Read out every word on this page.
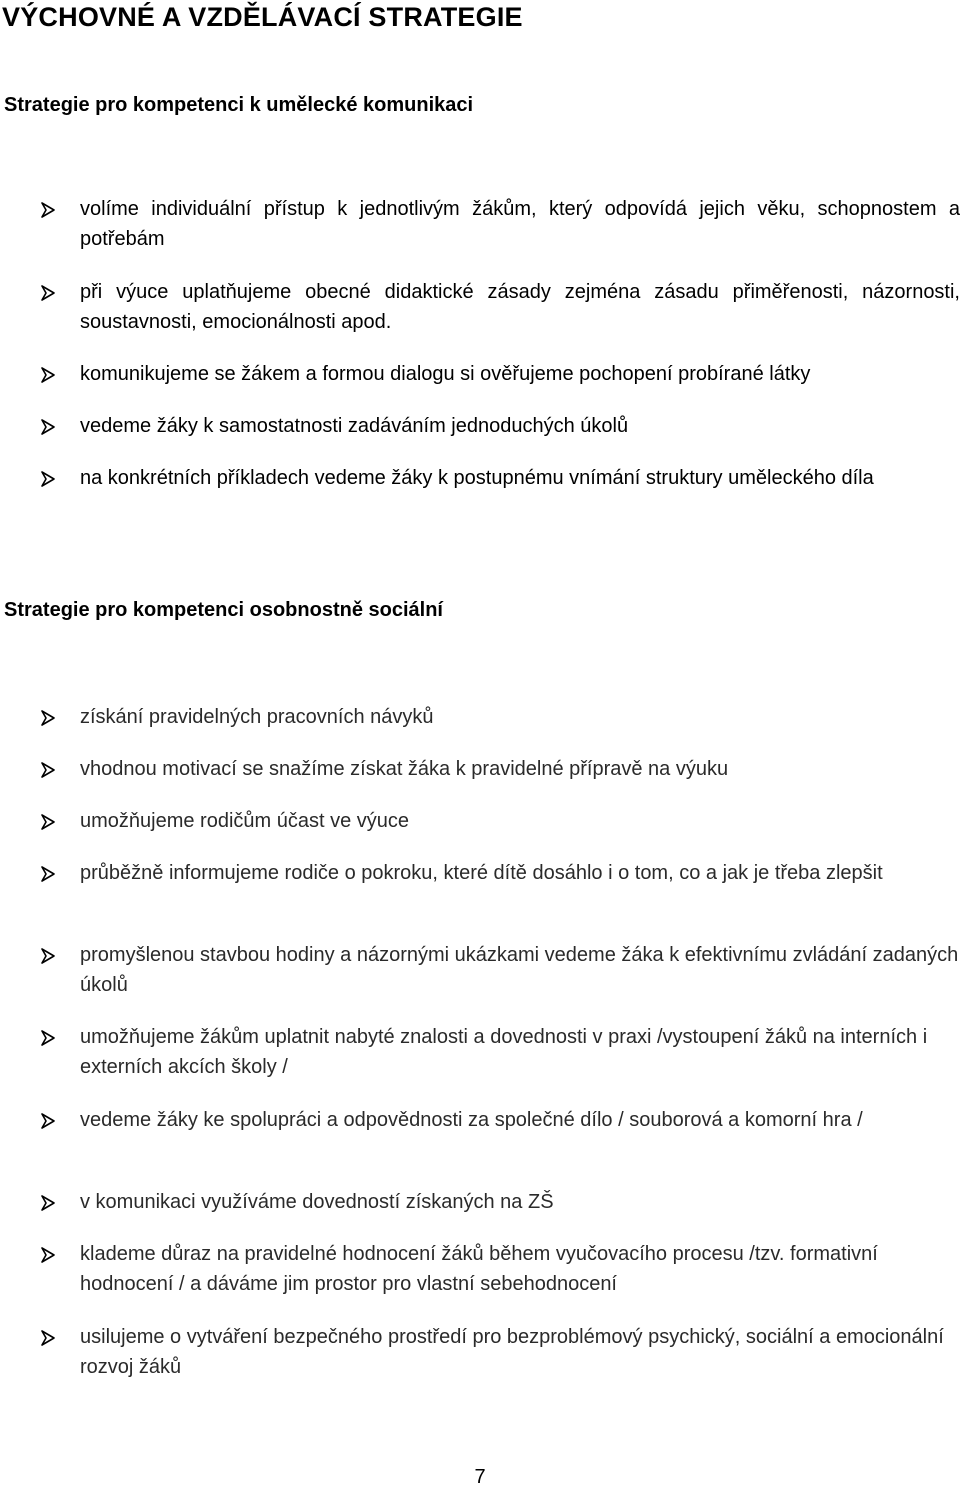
VÝCHOVNÉ A VZDĚLÁVACÍ STRATEGIE
Strategie pro kompetenci k umělecké komunikaci
volíme individuální přístup k jednotlivým žákům, který odpovídá jejich věku, schopnostem a potřebám
při výuce uplatňujeme obecné didaktické zásady zejména zásadu přiměřenosti, názornosti, soustavnosti, emocionálnosti apod.
komunikujeme se žákem a formou dialogu si ověřujeme pochopení probírané látky
vedeme žáky k samostatnosti zadáváním jednoduchých úkolů
na konkrétních příkladech vedeme žáky k postupnému vnímání struktury uměleckého díla
Strategie pro kompetenci osobnostně sociální
získání pravidelných pracovních návyků
vhodnou motivací se snažíme získat žáka k pravidelné přípravě na výuku
umožňujeme rodičům účast ve výuce
průběžně informujeme rodiče o pokroku, které dítě dosáhlo i o tom, co a jak je třeba zlepšit
promyšlenou stavbou hodiny a názornými ukázkami vedeme žáka k efektivnímu zvládání zadaných úkolů
umožňujeme žákům uplatnit nabyté znalosti a dovednosti v praxi /vystoupení žáků na interních i externích akcích školy /
vedeme žáky ke spolupráci a odpovědnosti za společné dílo / souborová a komorní hra /
v komunikaci využíváme dovedností získaných na ZŠ
klademe důraz na pravidelné hodnocení žáků během vyučovacího procesu /tzv. formativní hodnocení / a dáváme jim prostor pro vlastní sebehodnocení
usilujeme o vytváření bezpečného prostředí pro bezproblémový psychický, sociální a emocionální rozvoj žáků

7
